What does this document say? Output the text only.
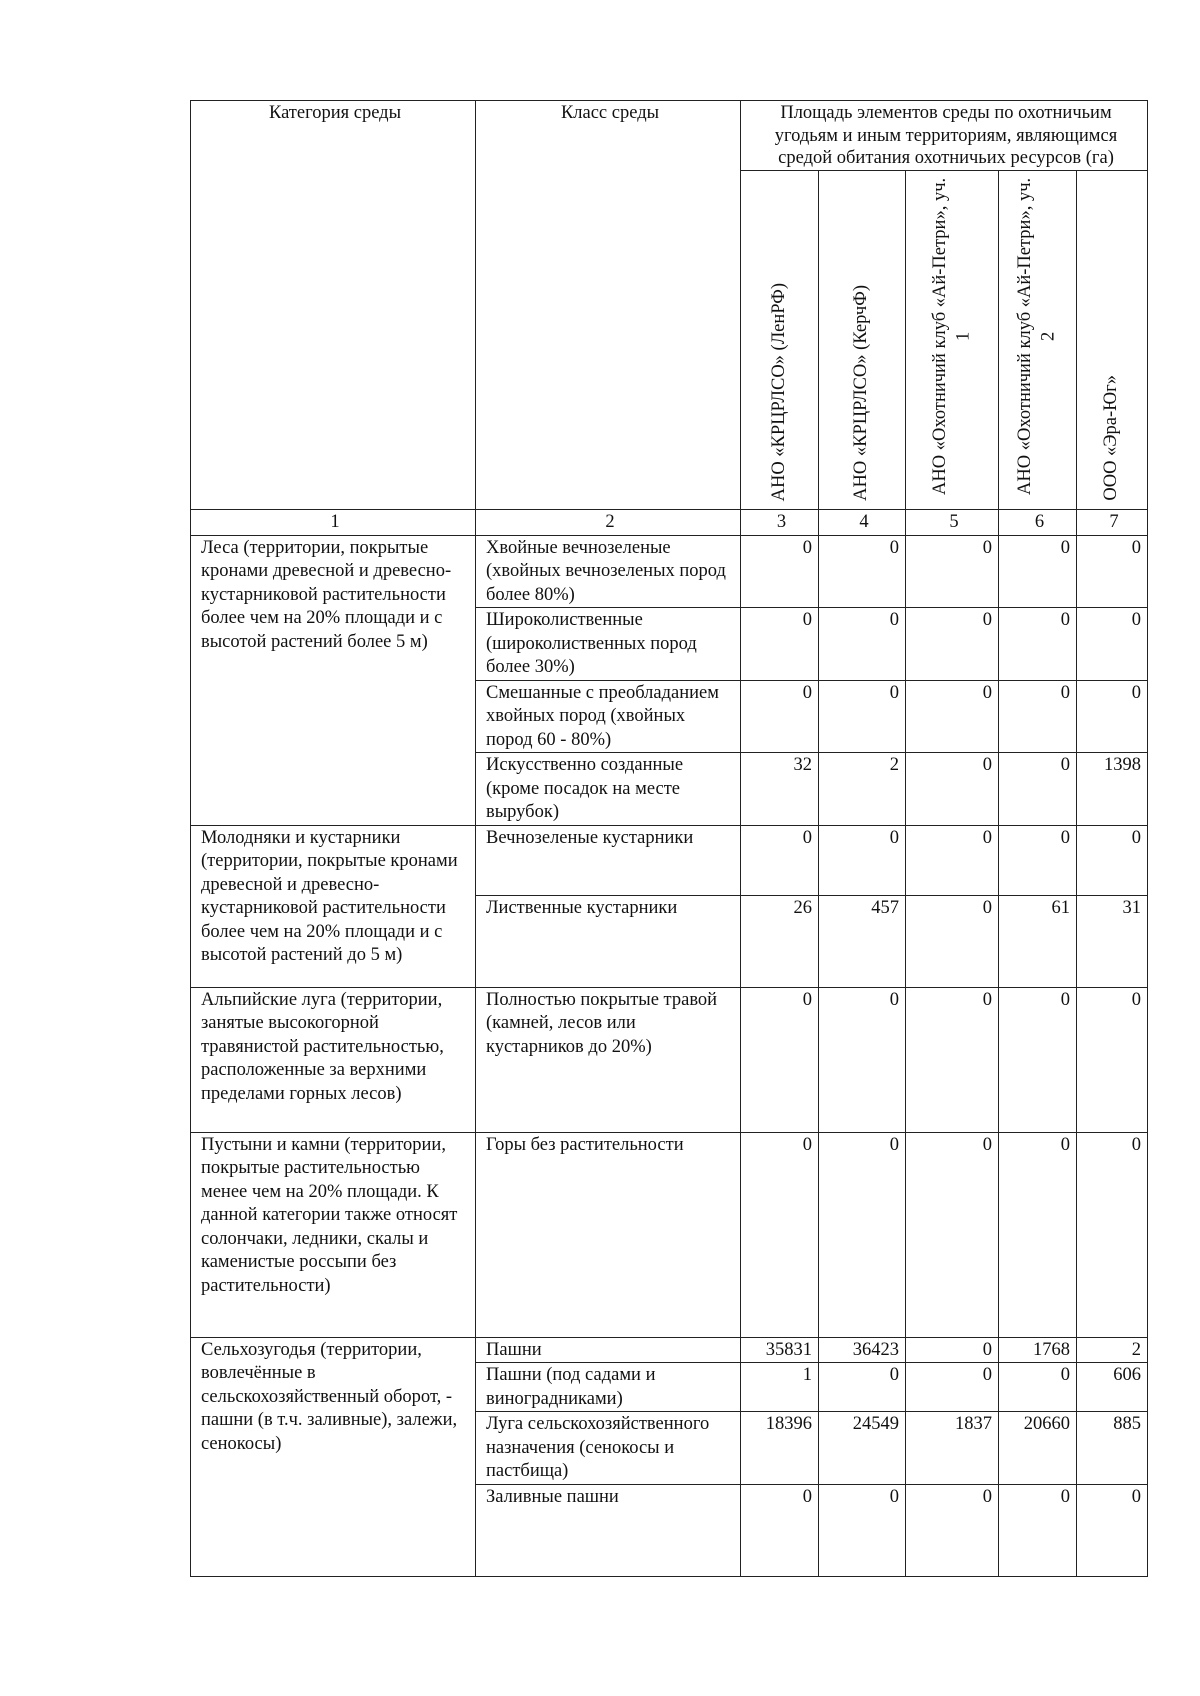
Категория среды	Класс среды	Площадь элементов среды по охотничьим угодьям и иным территориям, являющимся средой обитания охотничьих ресурсов (га)				

		АНО «КРЦРЛСО» (ЛенРФ)	АНО «КРЦРЛСО» (КерчФ)	АНО «Охотничий клуб «Ай-Петри», уч. 1	АНО «Охотничий клуб «Ай-Петри», уч. 2	ООО «Эра-Юг»

1	2	3	4	5	6	7
Леса (территории, покрытые кронами древесной и древесно-кустарниковой растительности более чем на 20% площади и с высотой растений более 5 м)	Хвойные вечнозеленые (хвойных вечнозеленых пород более 80%)	0	0	0	0	0
	Широколиственные (широколиственных пород более 30%)	0	0	0	0	0
	Смешанные с преобладанием хвойных пород (хвойных пород 60 - 80%)	0	0	0	0	0
	Искусственно созданные (кроме посадок на месте вырубок)	32	2	0	0	1398
Молодняки и кустарники (территории, покрытые кронами древесной и древесно-кустарниковой растительности более чем на 20% площади и с высотой растений до 5 м)	Вечнозеленые кустарники	0	0	0	0	0
	Лиственные кустарники	26	457	0	61	31
Альпийские луга (территории, занятые высокогорной травянистой растительностью, расположенные за верхними пределами горных лесов)	Полностью покрытые травой (камней, лесов или кустарников до 20%)	0	0	0	0	0
Пустыни и камни (территории, покрытые растительностью менее чем на 20% площади. К данной категории также относят солончаки, ледники, скалы и каменистые россыпи без растительности)	Горы без растительности	0	0	0	0	0
Сельхозугодья (территории, вовлечённые в сельскохозяйственный оборот, - пашни (в т.ч. заливные), залежи, сенокосы)	Пашни	35831	36423	0	1768	2
	Пашни (под садами и виноградниками)	1	0	0	0	606
	Луга сельскохозяйственного назначения (сенокосы и пастбища)	18396	24549	1837	20660	885
	Заливные пашни	0	0	0	0	0
